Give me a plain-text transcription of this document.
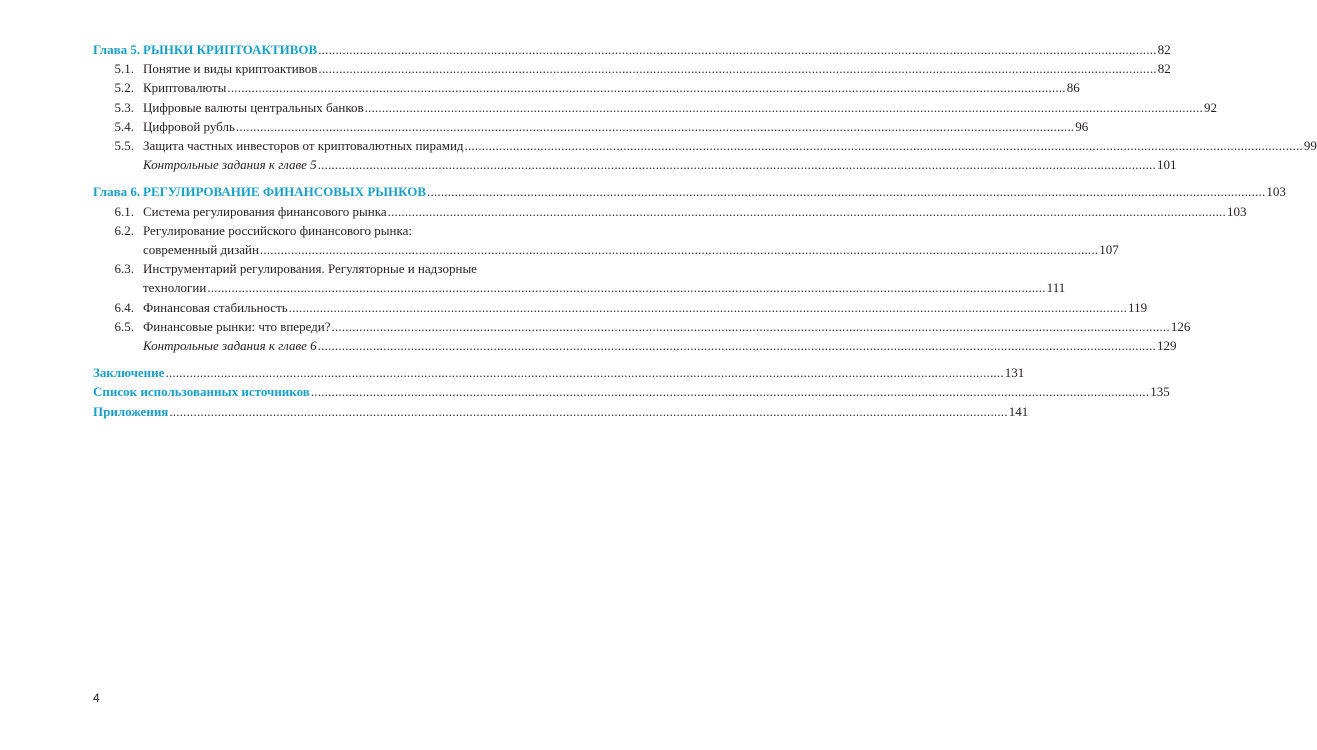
Глава 5. РЫНКИ КРИПТОАКТИВОВ .....	82
5.1. Понятие и виды криптоактивов .....	82
5.2. Криптовалюты .....	86
5.3. Цифровые валюты центральных банков .....	92
5.4. Цифровой рубль .....	96
5.5. Защита частных инвесторов от криптовалютных пирамид .....	99
Контрольные задания к главе 5 .....	101
Глава 6. РЕГУЛИРОВАНИЕ ФИНАНСОВЫХ РЫНКОВ .....	103
6.1. Система регулирования финансового рынка .....	103
6.2. Регулирование российского финансового рынка:
современный дизайн .....	107
6.3. Инструментарий регулирования. Регуляторные и надзорные
технологии .....	111
6.4. Финансовая стабильность .....	119
6.5. Финансовые рынки: что впереди? .....	126
Контрольные задания к главе 6 .....	129
Заключение .....	131
Список использованных источников .....	135
Приложения .....	141
4
